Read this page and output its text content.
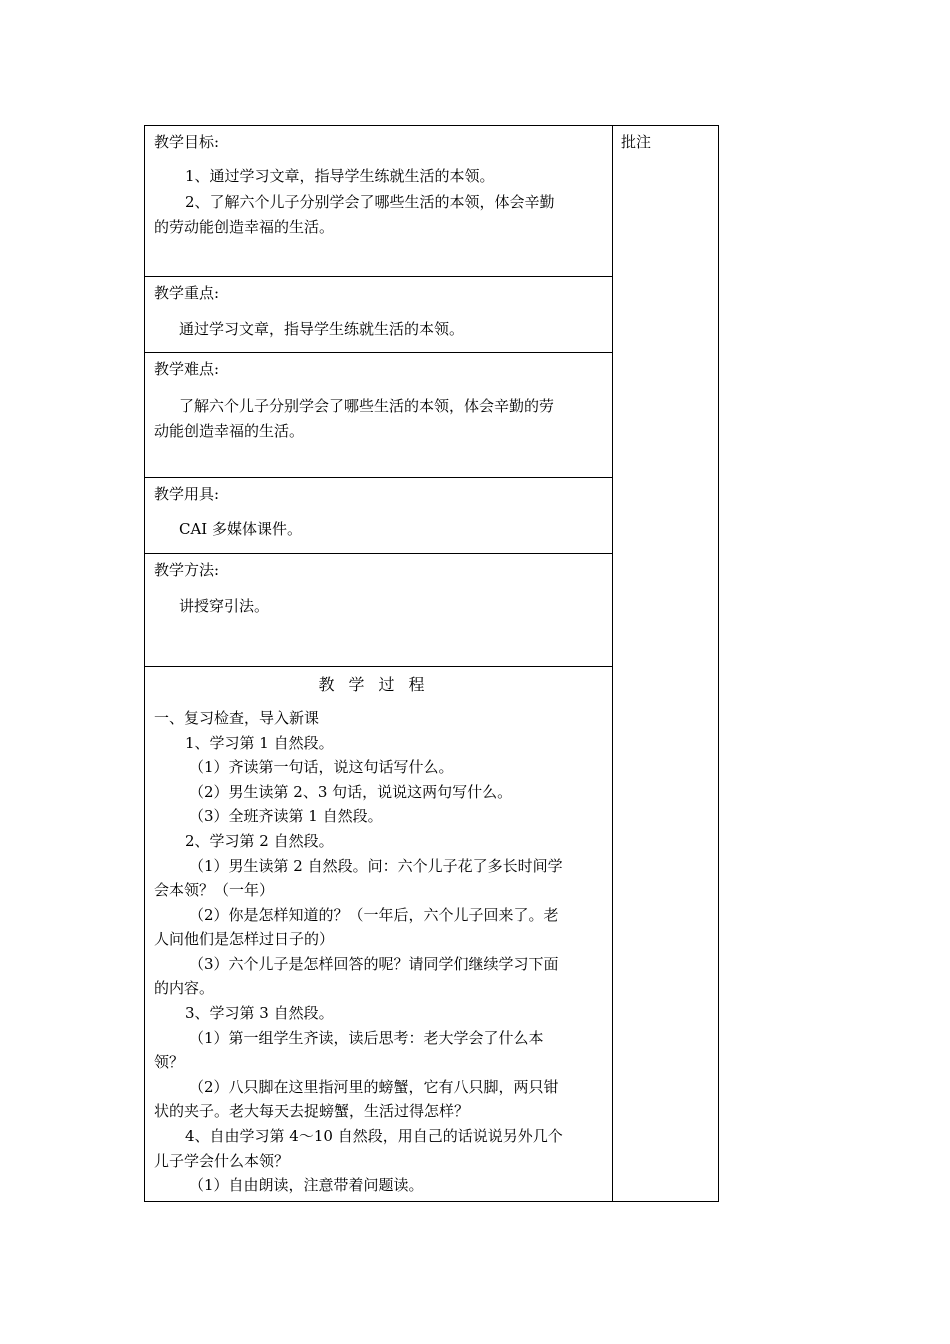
教学目标:
1、通过学习文章，指导学生练就生活的本领。
2、了解六个儿子分别学会了哪些生活的本领，体会辛勤
的劳动能创造幸福的生活。
教学重点:
通过学习文章，指导学生练就生活的本领。
教学难点:
了解六个儿子分别学会了哪些生活的本领，体会辛勤的劳
动能创造幸福的生活。
教学用具:
CAI 多媒体课件。
教学方法:
讲授穿引法。
教学过程
一、复习检查，导入新课
1、学习第 1 自然段。
（1）齐读第一句话，说这句话写什么。
（2）男生读第 2、3 句话，说说这两句写什么。
（3）全班齐读第 1 自然段。
2、学习第 2 自然段。
（1）男生读第 2 自然段。问：六个儿子花了多长时间学
会本领？（一年）
（2）你是怎样知道的？（一年后，六个儿子回来了。老
人问他们是怎样过日子的）
（3）六个儿子是怎样回答的呢？请同学们继续学习下面
的内容。
3、学习第 3 自然段。
（1）第一组学生齐读，读后思考：老大学会了什么本
领？
（2）八只脚在这里指河里的螃蟹，它有八只脚，两只钳
状的夹子。老大每天去捉螃蟹，生活过得怎样？
4、自由学习第 4～10 自然段，用自己的话说说另外几个
儿子学会什么本领？
（1）自由朗读，注意带着问题读。
批注
